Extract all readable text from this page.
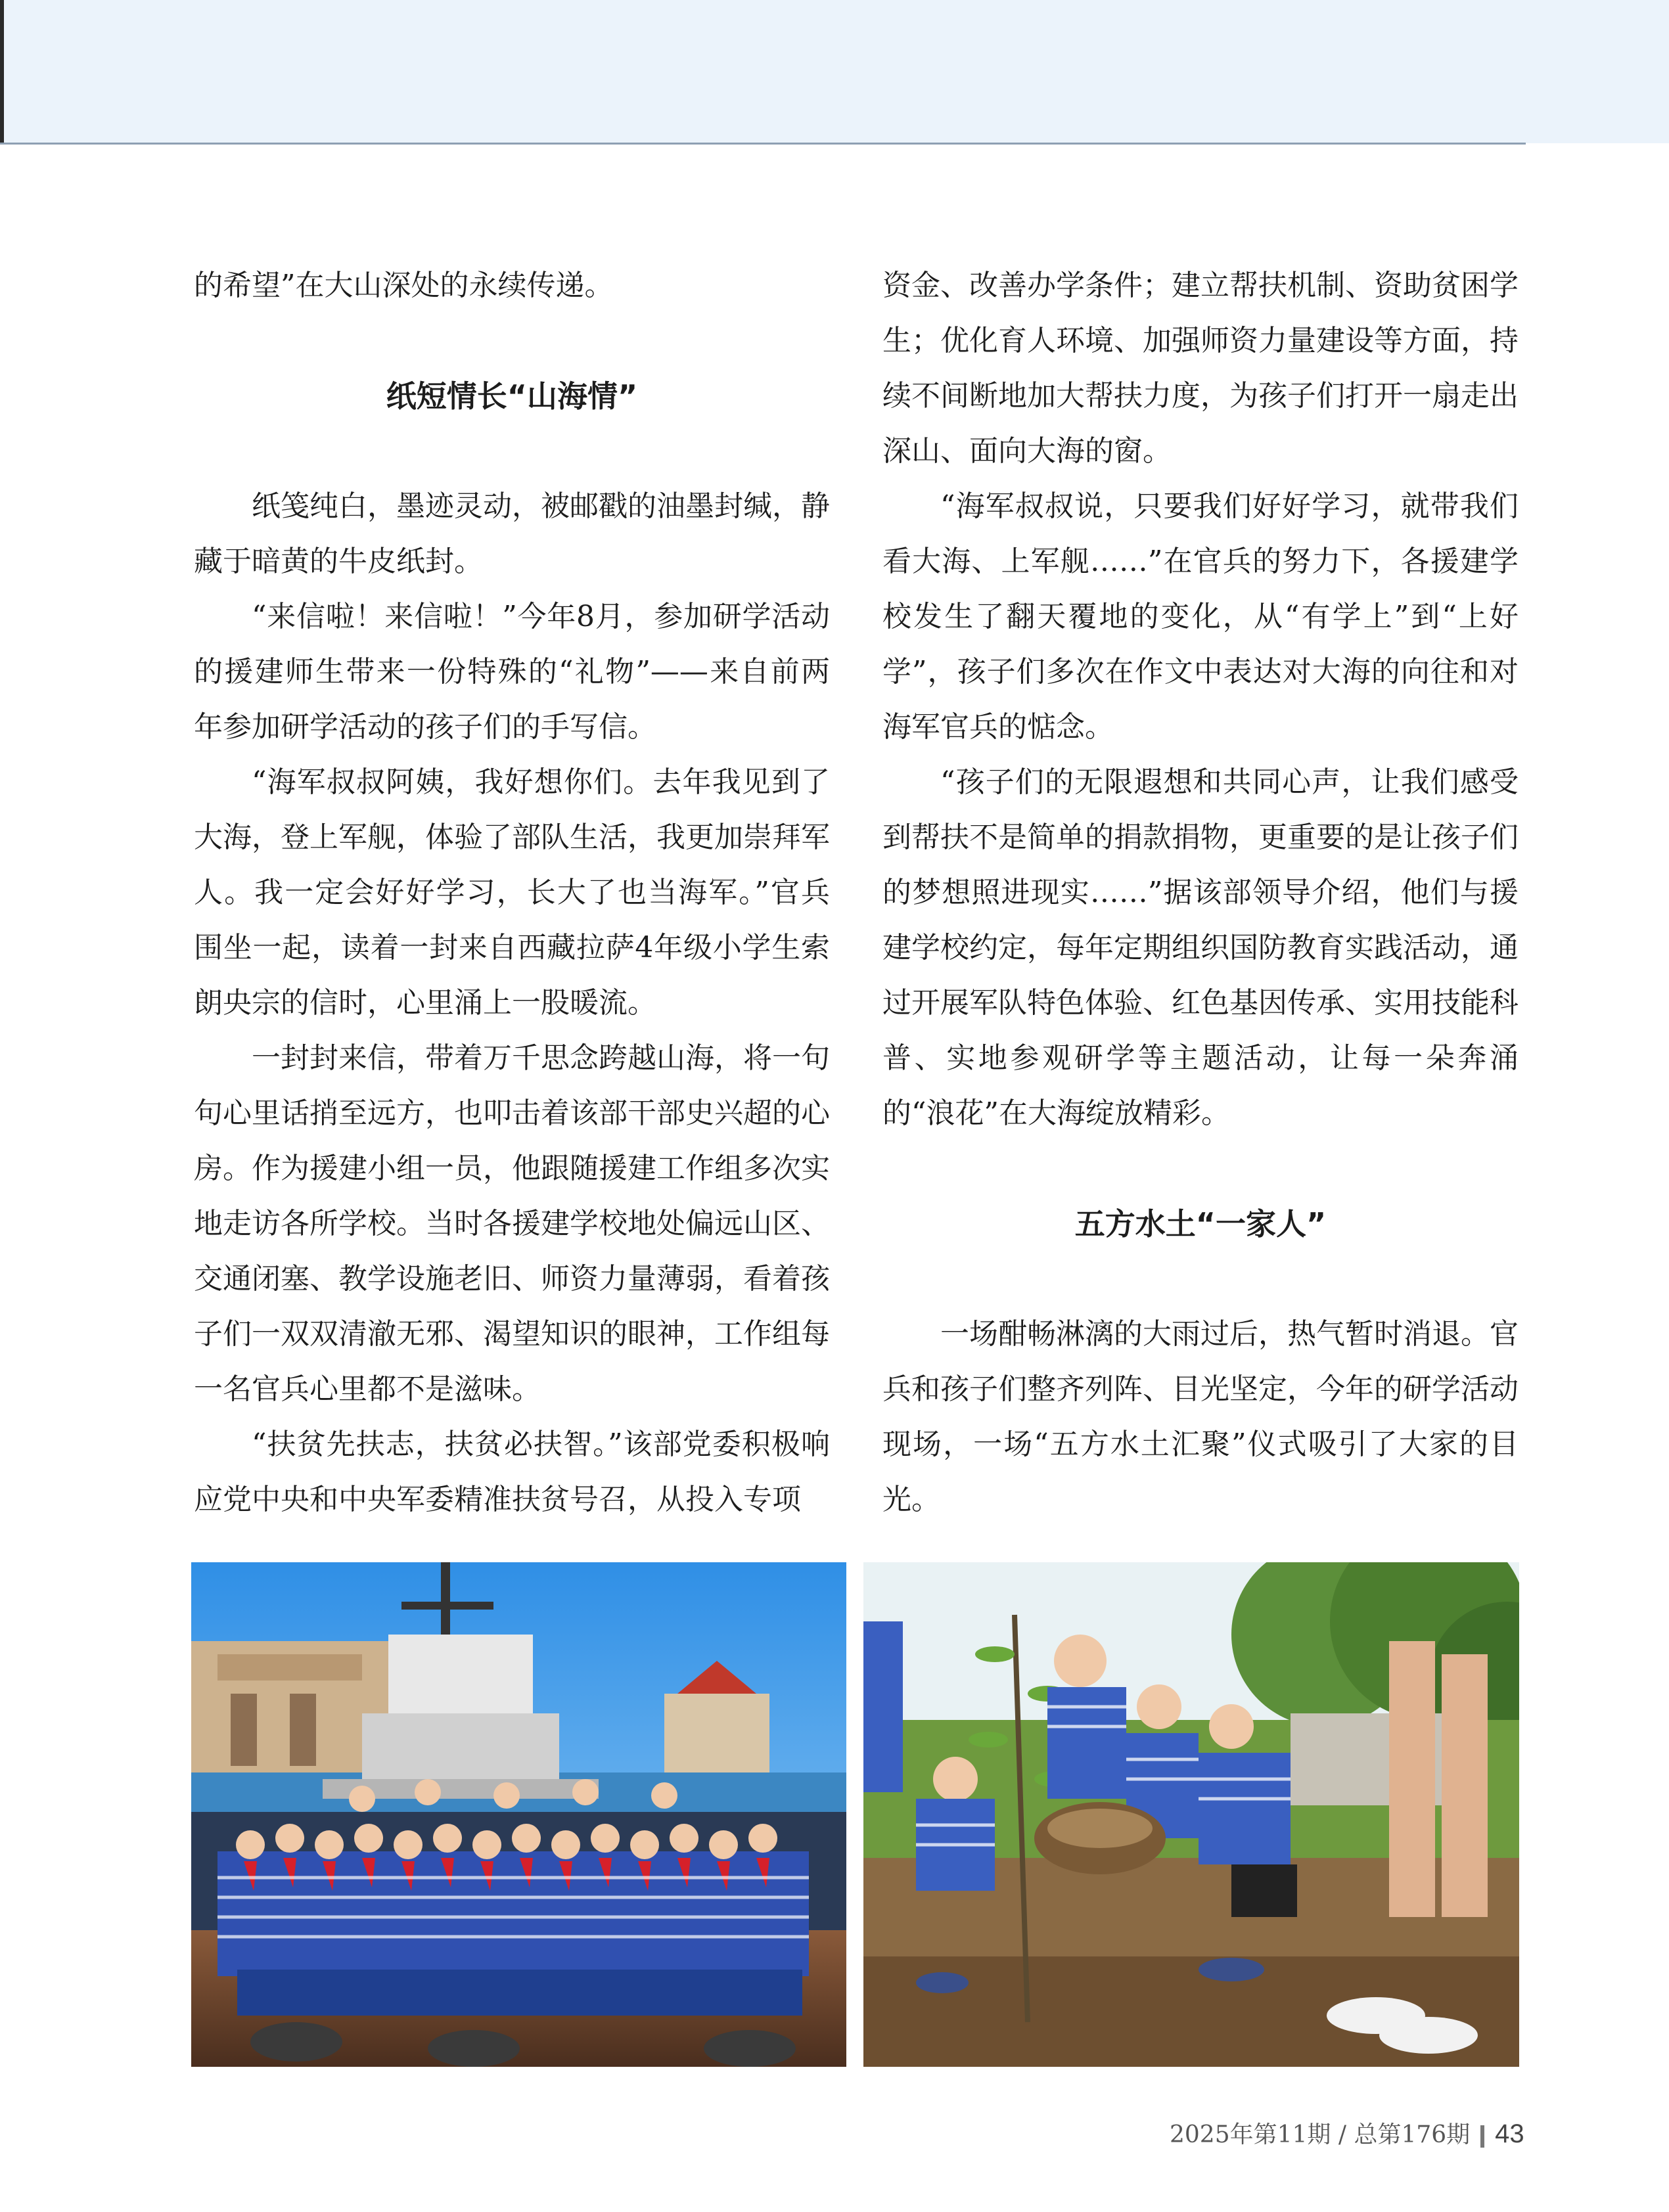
的希望”在大山深处的永续传递。

纸短情长“山海情”

纸笺纯白，墨迹灵动，被邮戳的油墨封缄，静藏于暗黄的牛皮纸封。

“来信啦！来信啦！”今年8月，参加研学活动的援建师生带来一份特殊的“礼物”——来自前两年参加研学活动的孩子们的手写信。

“海军叔叔阿姨，我好想你们。去年我见到了大海，登上军舰，体验了部队生活，我更加崇拜军人。我一定会好好学习，长大了也当海军。”官兵围坐一起，读着一封来自西藏拉萨4年级小学生索朗央宗的信时，心里涌上一股暖流。

一封封来信，带着万千思念跨越山海，将一句句心里话捎至远方，也叩击着该部干部史兴超的心房。作为援建小组一员，他跟随援建工作组多次实地走访各所学校。当时各援建学校地处偏远山区、交通闭塞、教学设施老旧、师资力量薄弱，看着孩子们一双双清澈无邪、渴望知识的眼神，工作组每一名官兵心里都不是滋味。

“扶贫先扶志，扶贫必扶智。”该部党委积极响应党中央和中央军委精准扶贫号召，从投入专项

资金、改善办学条件；建立帮扶机制、资助贫困学生；优化育人环境、加强师资力量建设等方面，持续不间断地加大帮扶力度，为孩子们打开一扇走出深山、面向大海的窗。

“海军叔叔说，只要我们好好学习，就带我们看大海、上军舰……”在官兵的努力下，各援建学校发生了翻天覆地的变化，从“有学上”到“上好学”，孩子们多次在作文中表达对大海的向往和对海军官兵的惦念。

“孩子们的无限遐想和共同心声，让我们感受到帮扶不是简单的捐款捐物，更重要的是让孩子们的梦想照进现实……”据该部领导介绍，他们与援建学校约定，每年定期组织国防教育实践活动，通过开展军队特色体验、红色基因传承、实用技能科普、实地参观研学等主题活动，让每一朵奔涌的“浪花”在大海绽放精彩。

五方水土“一家人”

一场酣畅淋漓的大雨过后，热气暂时消退。官兵和孩子们整齐列阵、目光坚定，今年的研学活动现场，一场“五方水土汇聚”仪式吸引了大家的目光。

2025年第11期 / 总第176期 43
